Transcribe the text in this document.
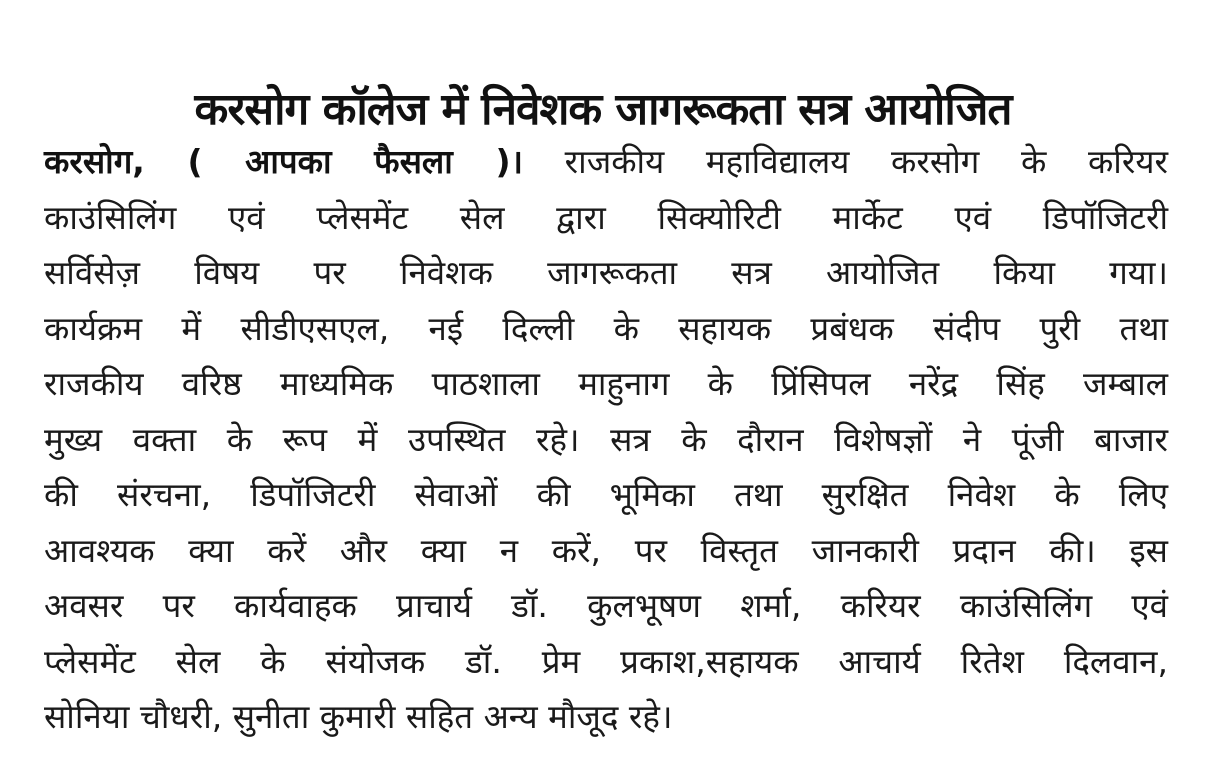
करसोग कॉलेज में निवेशक जागरूकता सत्र आयोजित
करसोग, ( आपका फैसला )। राजकीय महाविद्यालय करसोग के करियर
काउंसिलिंग एवं प्लेसमेंट सेल द्वारा सिक्योरिटी मार्केट एवं डिपॉजिटरी
सर्विसेज़ विषय पर निवेशक जागरूकता सत्र आयोजित किया गया।
कार्यक्रम में सीडीएसएल, नई दिल्ली के सहायक प्रबंधक संदीप पुरी तथा
राजकीय वरिष्ठ माध्यमिक पाठशाला माहुनाग के प्रिंसिपल नरेंद्र सिंह जम्बाल
मुख्य वक्ता के रूप में उपस्थित रहे। सत्र के दौरान विशेषज्ञों ने पूंजी बाजार
की संरचना, डिपॉजिटरी सेवाओं की भूमिका तथा सुरक्षित निवेश के लिए
आवश्यक क्या करें और क्या न करें, पर विस्तृत जानकारी प्रदान की। इस
अवसर पर कार्यवाहक प्राचार्य डॉ. कुलभूषण शर्मा, करियर काउंसिलिंग एवं
प्लेसमेंट सेल के संयोजक डॉ. प्रेम प्रकाश,सहायक आचार्य रितेश दिलवान,
सोनिया चौधरी, सुनीता कुमारी सहित अन्य मौजूद रहे।
